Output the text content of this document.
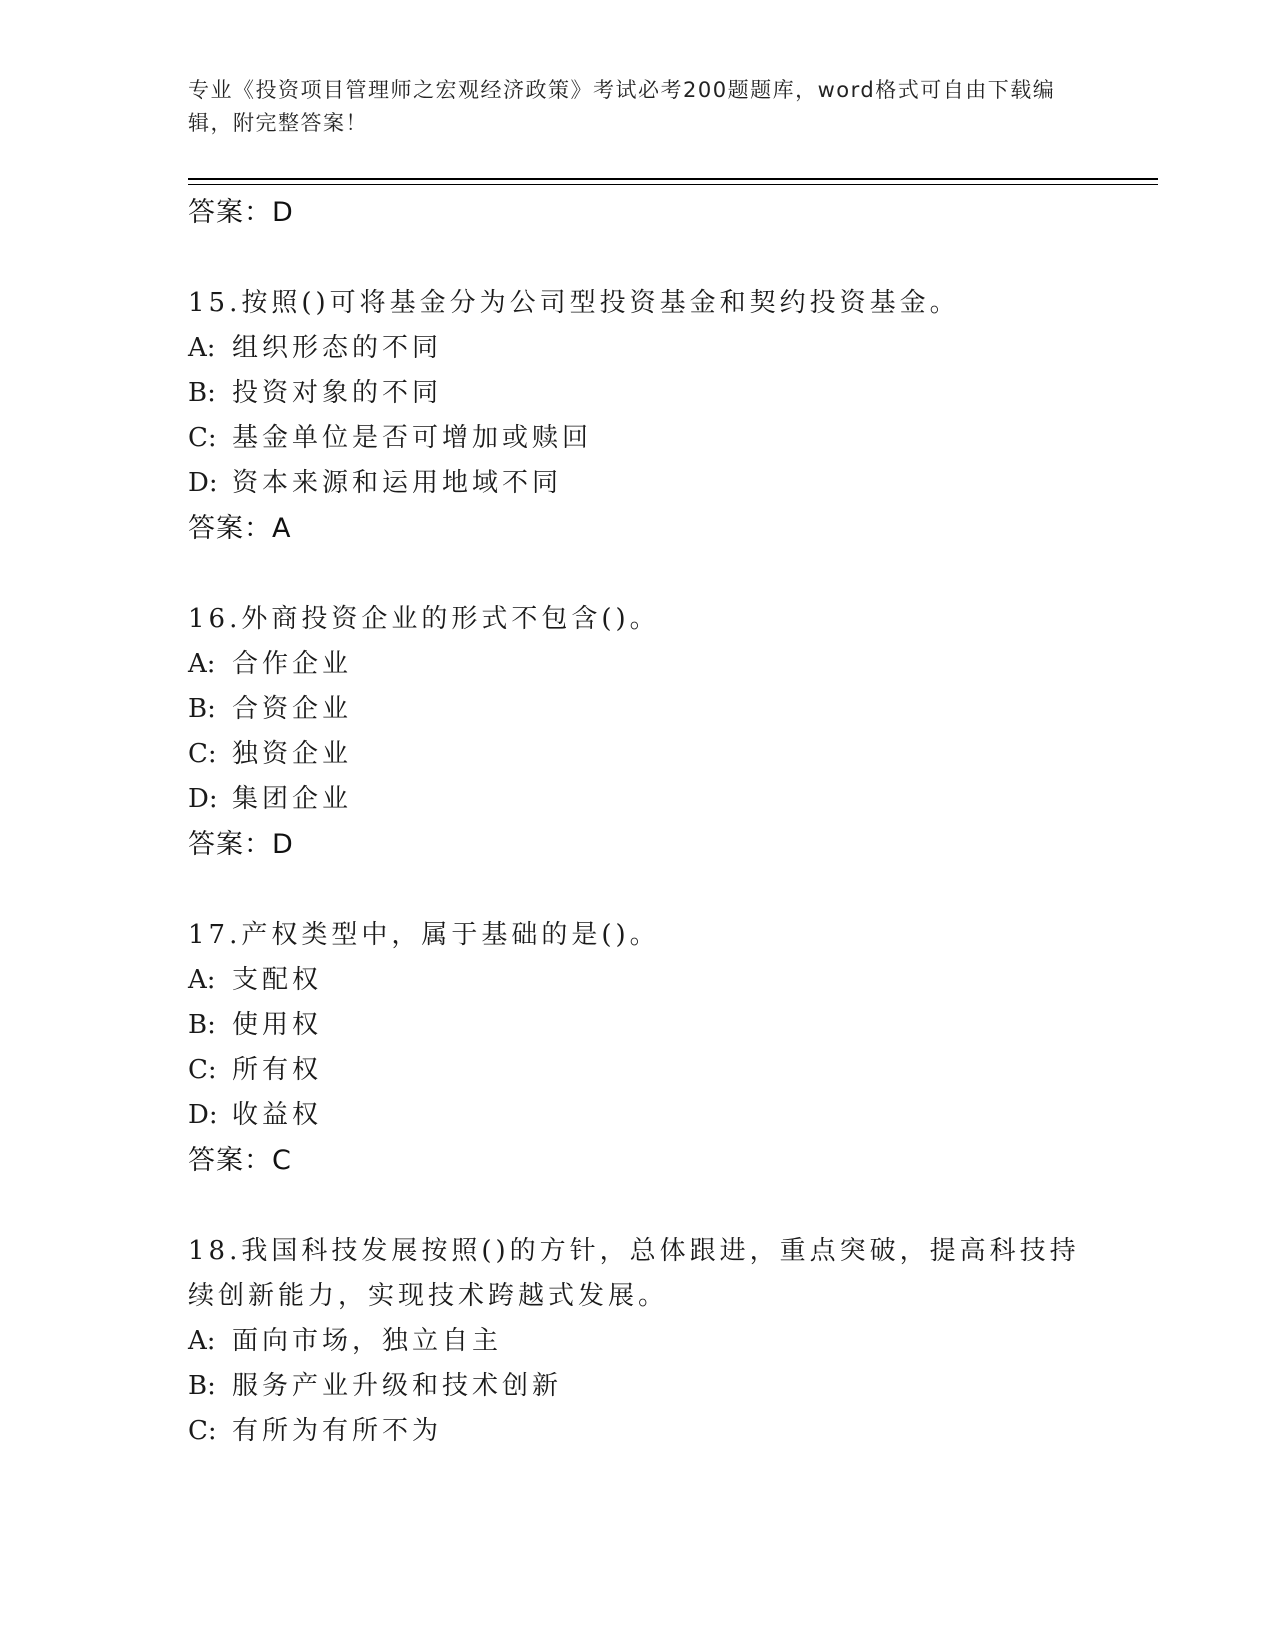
专业《投资项目管理师之宏观经济政策》考试必考200题题库，word格式可自由下载编辑，附完整答案！
答案：D
15.按照()可将基金分为公司型投资基金和契约投资基金。
A: 组织形态的不同
B: 投资对象的不同
C: 基金单位是否可增加或赎回
D: 资本来源和运用地域不同
答案：A
16.外商投资企业的形式不包含()。
A: 合作企业
B: 合资企业
C: 独资企业
D: 集团企业
答案：D
17.产权类型中，属于基础的是()。
A: 支配权
B: 使用权
C: 所有权
D: 收益权
答案：C
18.我国科技发展按照()的方针，总体跟进，重点突破，提高科技持续创新能力，实现技术跨越式发展。
A: 面向市场，独立自主
B: 服务产业升级和技术创新
C: 有所为有所不为
